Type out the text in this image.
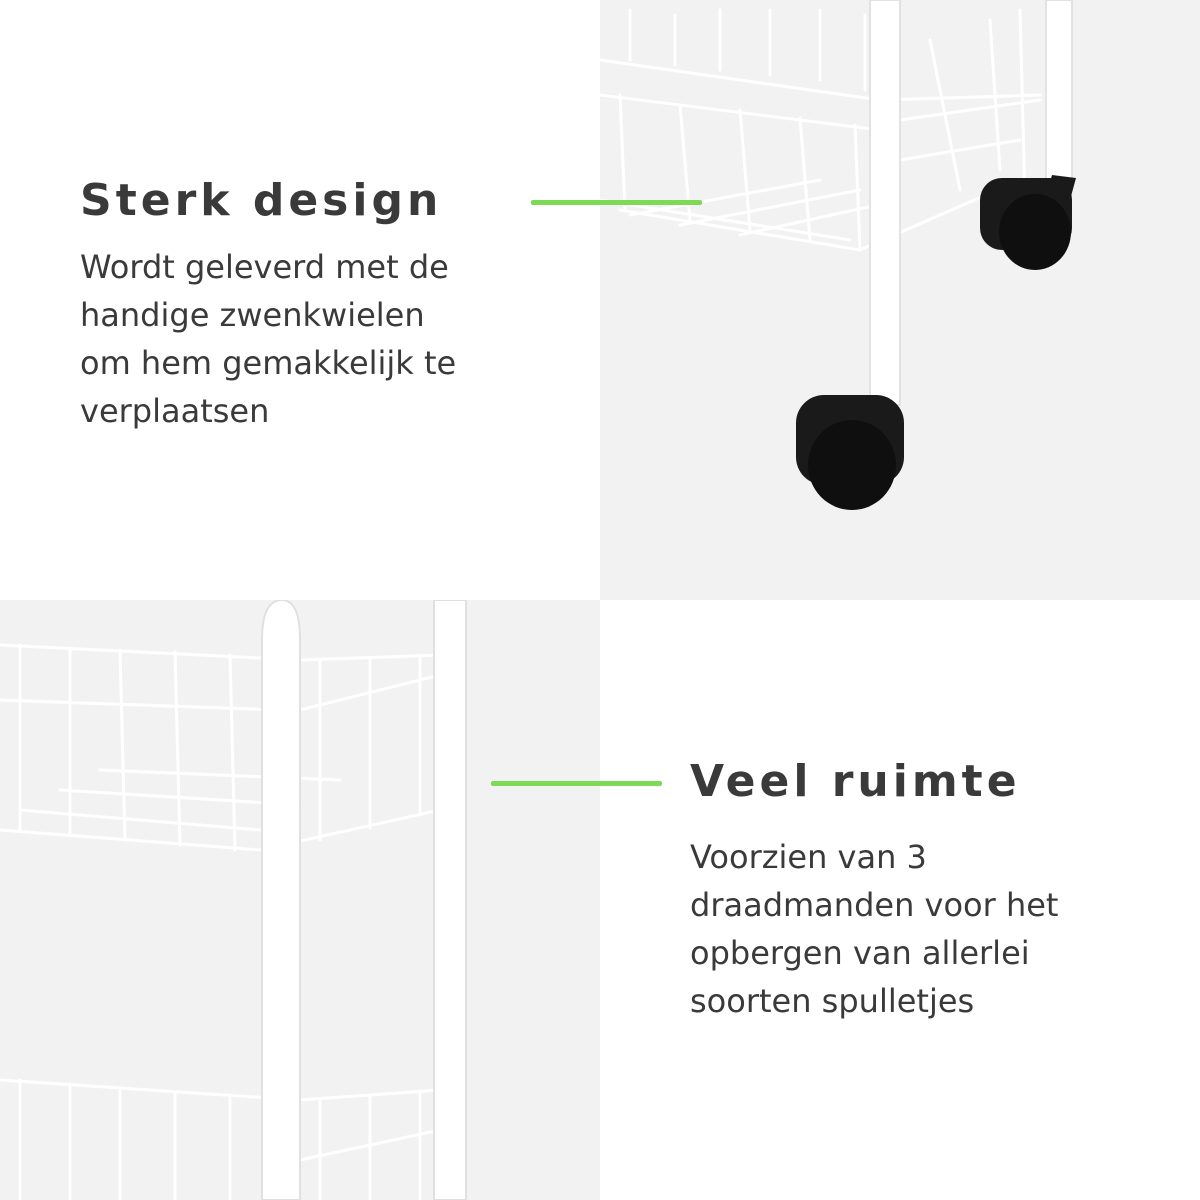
Sterk design

Wordt geleverd met de
handige zwenkwielen
om hem gemakkelijk te
verplaatsen

Veel ruimte

Voorzien van 3
draadmanden voor het
opbergen van allerlei
soorten spulletjes
